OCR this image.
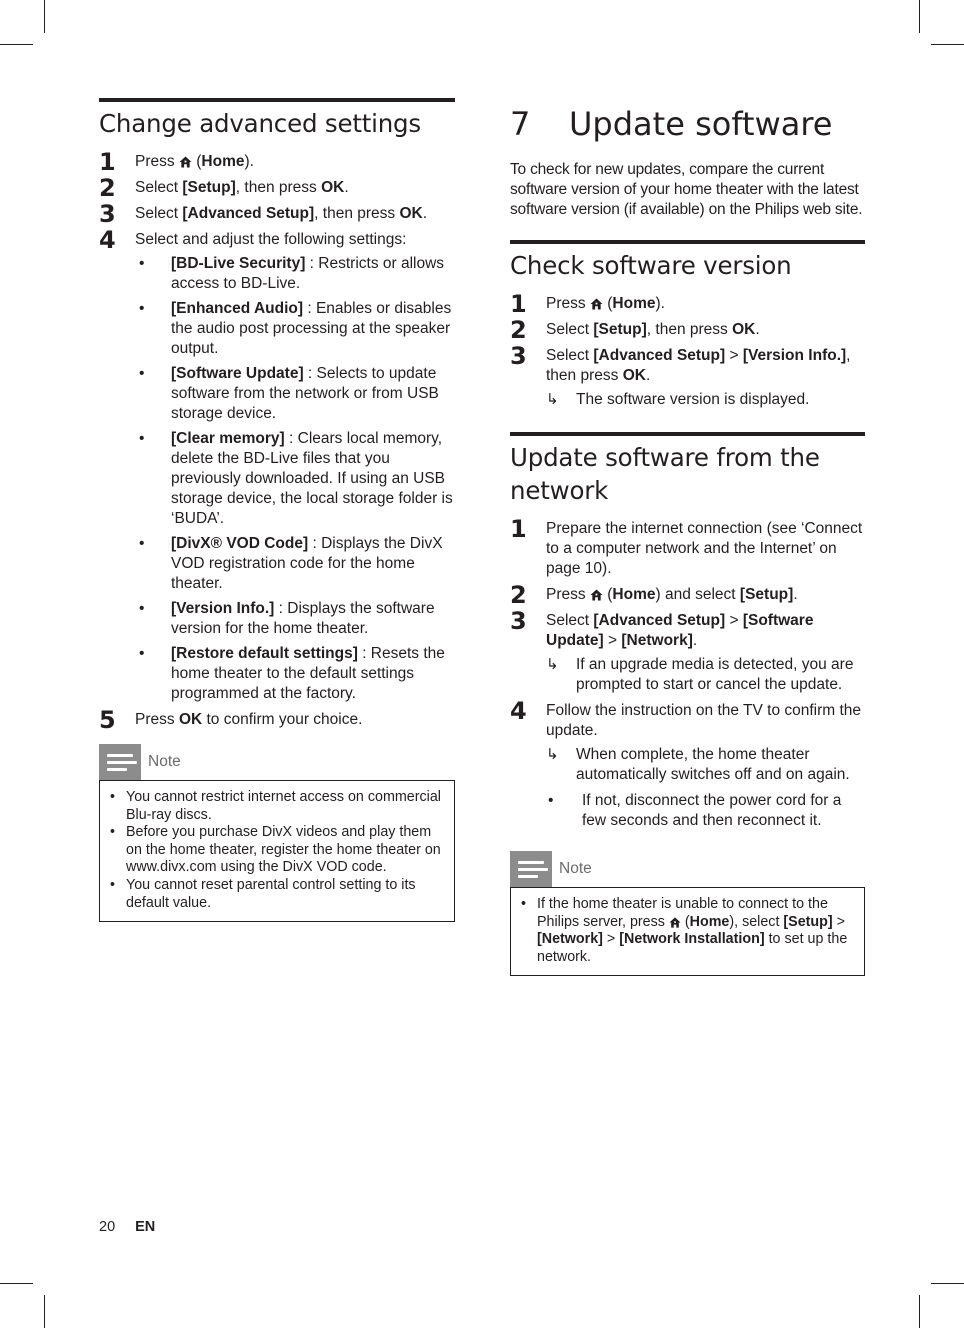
Change advanced settings
1 Press  (Home).
2 Select [Setup], then press OK.
3 Select [Advanced Setup], then press OK.
4 Select and adjust the following settings:
• [BD-Live Security] : Restricts or allows access to BD-Live.
• [Enhanced Audio] : Enables or disables the audio post processing at the speaker output.
• [Software Update] : Selects to update software from the network or from USB storage device.
• [Clear memory] : Clears local memory, delete the BD-Live files that you previously downloaded. If using an USB storage device, the local storage folder is ‘BUDA’.
• [DivX® VOD Code] : Displays the DivX VOD registration code for the home theater.
• [Version Info.] : Displays the software version for the home theater.
• [Restore default settings] : Resets the home theater to the default settings programmed at the factory.
5 Press OK to confirm your choice.
Note
• You cannot restrict internet access on commercial Blu-ray discs.
• Before you purchase DivX videos and play them on the home theater, register the home theater on www.divx.com using the DivX VOD code.
• You cannot reset parental control setting to its default value.
7	Update software

To check for new updates, compare the current software version of your home theater with the latest software version (if available) on the Philips web site.

Check software version
1 Press  (Home).
2 Select [Setup], then press OK.
3 Select [Advanced Setup] > [Version Info.], then press OK.
↳ The software version is displayed.
Update software from the network
1 Prepare the internet connection (see ‘Connect to a computer network and the Internet’ on page 10).
2 Press  (Home) and select [Setup].
3 Select [Advanced Setup] > [Software Update] > [Network].
↳ If an upgrade media is detected, you are prompted to start or cancel the update.
4 Follow the instruction on the TV to confirm the update.
↳ When complete, the home theater automatically switches off and on again.
• If not, disconnect the power cord for a few seconds and then reconnect it.
Note
• If the home theater is unable to connect to the Philips server, press  (Home), select [Setup] > [Network] > [Network Installation] to set up the network.
20 EN
